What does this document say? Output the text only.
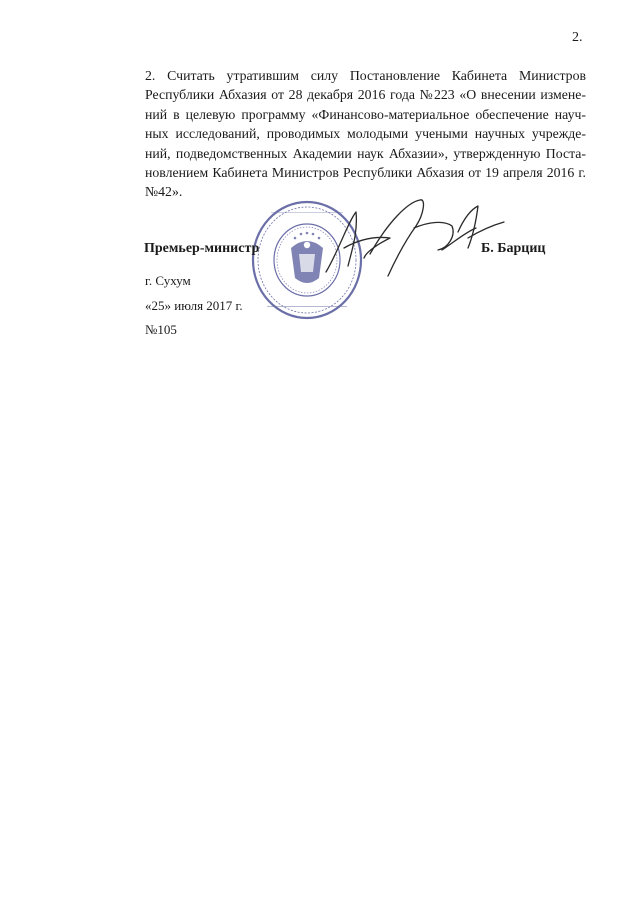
2.

2. Считать утратившим силу Постановление Кабинета Министров
Республики Абхазия от 28 декабря 2016 года №223 «О внесении измене-
ний в целевую программу «Финансово-материальное обеспечение науч-
ных исследований, проводимых молодыми учеными научных учрежде-
ний, подведомственных Академии наук Абхазии», утвержденную Поста-
новлением Кабинета Министров Республики Абхазия от 19 апреля 2016 г.
№42».

Премьер-министр	Б. Барциц
г. Сухум
«25» июля 2017 г.
№105
